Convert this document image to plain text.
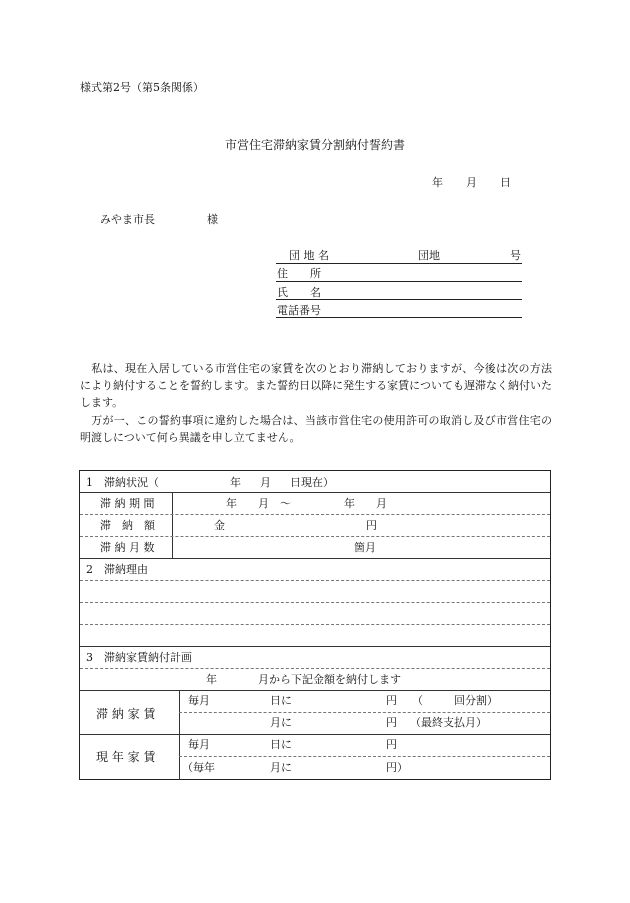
様式第2号（第5条関係）
市営住宅滞納家賃分割納付誓約書
年 月 日
みやま市長	様
団 地 名	団地	号
住　　所
氏　　名
電話番号
　私は、現在入居している市営住宅の家賃を次のとおり滞納しておりますが、今後は次の方法により納付することを誓約します。また誓約日以降に発生する家賃についても遅滞なく納付いたします。
　万が一、この誓約事項に違約した場合は、当該市営住宅の使用許可の取消し及び市営住宅の明渡しについて何ら異議を申し立てません。
1　滞納状況（	年 月 日現在）
滞 納 期 間	年 月　～	年 月
滞　納　額	金	円
滞 納 月 数	箇月
2　滞納理由
3　滞納家賃納付計画
年	月から下記金額を納付します
滞 納 家 賃
毎月	日に	円 （	回分割）
月に	円 （最終支払月）
現 年 家 賃
毎月	日に	円
（毎年	月に	円）
